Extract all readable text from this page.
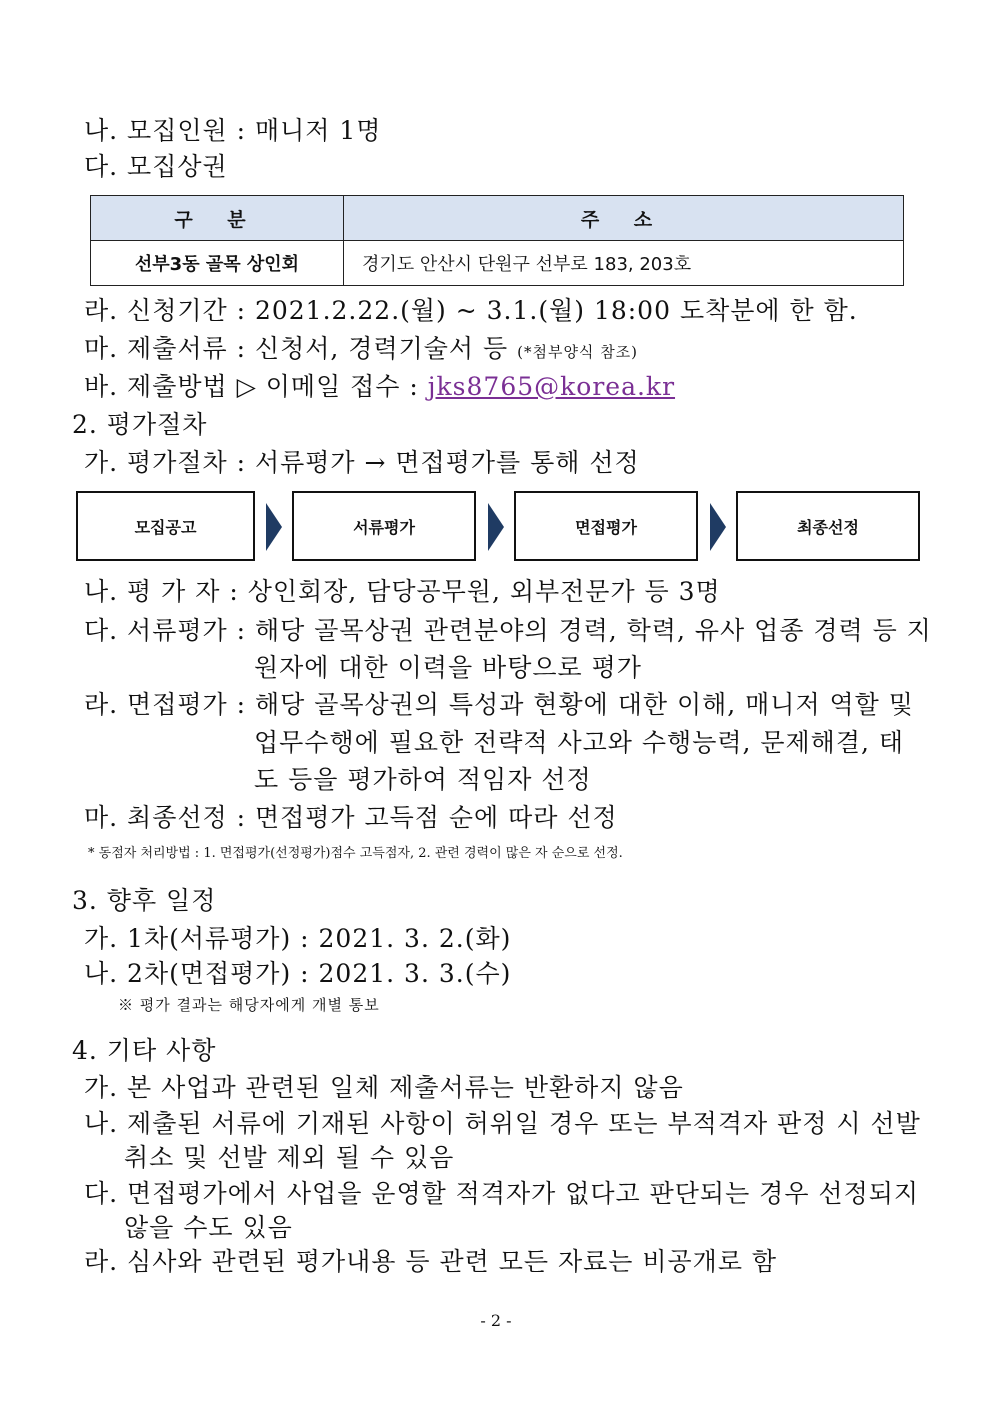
나. 모집인원 : 매니저 1명
다. 모집상권
구 분	주 소
선부3동 골목 상인회	경기도 안산시 단원구 선부로 183, 203호
라. 신청기간 : 2021.2.22.(월) ~ 3.1.(월) 18:00 도착분에 한 함.
마. 제출서류 : 신청서, 경력기술서 등 (*첨부양식 참조)
바. 제출방법 ▷ 이메일 접수 : jks8765@korea.kr
2. 평가절차
가. 평가절차 : 서류평가 → 면접평가를 통해 선정
모집공고	서류평가	면접평가	최종선정
나. 평 가 자 : 상인회장, 담당공무원, 외부전문가 등 3명
다. 서류평가 : 해당 골목상권 관련분야의 경력, 학력, 유사 업종 경력 등 지
원자에 대한 이력을 바탕으로 평가
라. 면접평가 : 해당 골목상권의 특성과 현황에 대한 이해, 매니저 역할 및
업무수행에 필요한 전략적 사고와 수행능력, 문제해결, 태
도 등을 평가하여 적임자 선정
마. 최종선정 : 면접평가 고득점 순에 따라 선정
* 동점자 처리방법 : 1. 면접평가(선정평가)점수 고득점자, 2. 관련 경력이 많은 자 순으로 선정.
3. 향후 일정
가. 1차(서류평가) : 2021. 3. 2.(화)
나. 2차(면접평가) : 2021. 3. 3.(수)
※ 평가 결과는 해당자에게 개별 통보
4. 기타 사항
가. 본 사업과 관련된 일체 제출서류는 반환하지 않음
나. 제출된 서류에 기재된 사항이 허위일 경우 또는 부적격자 판정 시 선발
취소 및 선발 제외 될 수 있음
다. 면접평가에서 사업을 운영할 적격자가 없다고 판단되는 경우 선정되지
않을 수도 있음
라. 심사와 관련된 평가내용 등 관련 모든 자료는 비공개로 함
- 2 -
